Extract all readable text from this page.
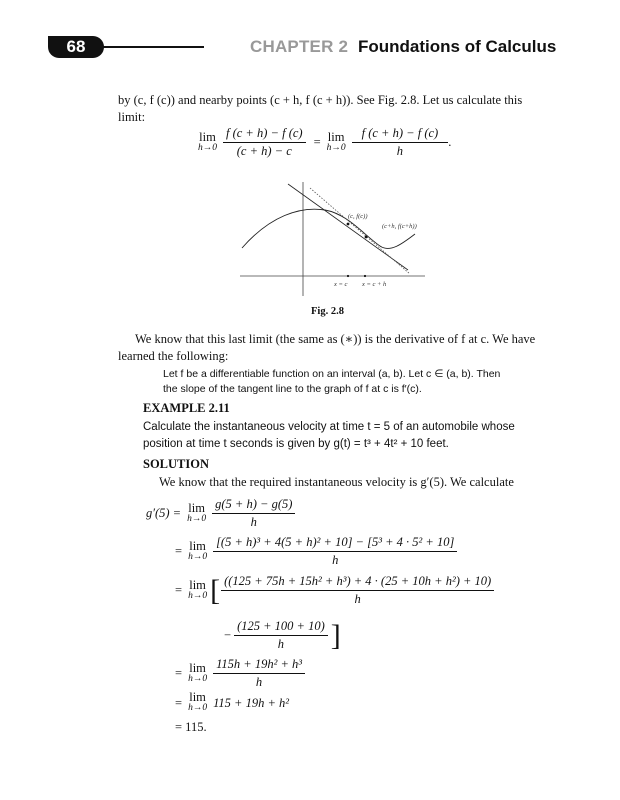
68	CHAPTER 2 Foundations of Calculus
by (c, f (c)) and nearby points (c + h, f (c + h)). See Fig. 2.8. Let us calculate this
limit:
lim
$h\to 0 \frac{f (c + h) - f (c)}{(c + h) - c} = \lim$
$h\to 0 \frac{f (c + h) - f (c)}{h}$ .
(c, f(c))
(c+h, f(c+h))
x = c x = c + h
Fig. 2.8
We know that this last limit (the same as (∗)) is the derivative of f at c. We have
learned the following:
Let f be a differentiable function on an interval (a, b). Let c ∈ (a, b). Then
the slope of the tangent line to the graph of f at c is f′(c).
EXAMPLE 2.11
Calculate the instantaneous velocity at time t = 5 of an automobile whose
position at time t seconds is given by g(t) = t³ + 4t² + 10 feet.
SOLUTION
We know that the required instantaneous velocity is g′(5). We calculate
g′(5) = lim
$h\to 0 \frac{g(5 + h) - g(5)}{h}$
= lim
$h\to 0 \frac{\text{[(5 + h)³ + 4(5 + h)² + 10] − [5³ + 4 · 5² + 10]}}{h}$
= lim
h→0 [ $\frac{\text{((125 + 75h + 15h² + h³) + 4 · (25 + 10h + h²) + 10)}}{h}$
− $\frac{(125 + 100 + 10)}{h}$ ]
= lim
$h\to 0 \frac{\text{115h + 19h² + h³}}{h}$
= lim
h→0 115 + 19h + h²
= 115.
